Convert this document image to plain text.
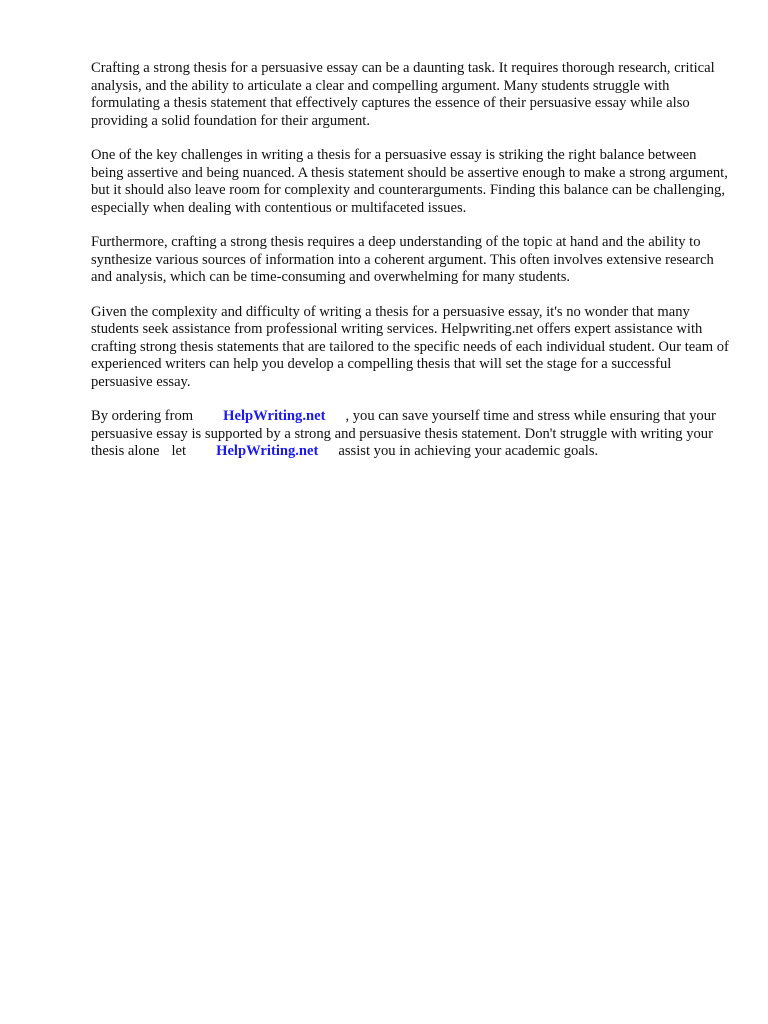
Crafting a strong thesis for a persuasive essay can be a daunting task. It requires thorough research, critical analysis, and the ability to articulate a clear and compelling argument. Many students struggle with formulating a thesis statement that effectively captures the essence of their persuasive essay while also providing a solid foundation for their argument.

One of the key challenges in writing a thesis for a persuasive essay is striking the right balance between being assertive and being nuanced. A thesis statement should be assertive enough to make a strong argument, but it should also leave room for complexity and counterarguments. Finding this balance can be challenging, especially when dealing with contentious or multifaceted issues.

Furthermore, crafting a strong thesis requires a deep understanding of the topic at hand and the ability to synthesize various sources of information into a coherent argument. This often involves extensive research and analysis, which can be time-consuming and overwhelming for many students.

Given the complexity and difficulty of writing a thesis for a persuasive essay, it's no wonder that many students seek assistance from professional writing services. Helpwriting.net offers expert assistance with crafting strong thesis statements that are tailored to the specific needs of each individual student. Our team of experienced writers can help you develop a compelling thesis that will set the stage for a successful persuasive essay.

By ordering from HelpWriting.net , you can save yourself time and stress while ensuring that your persuasive essay is supported by a strong and persuasive thesis statement. Don't struggle with writing your thesis alone let HelpWriting.net assist you in achieving your academic goals.
